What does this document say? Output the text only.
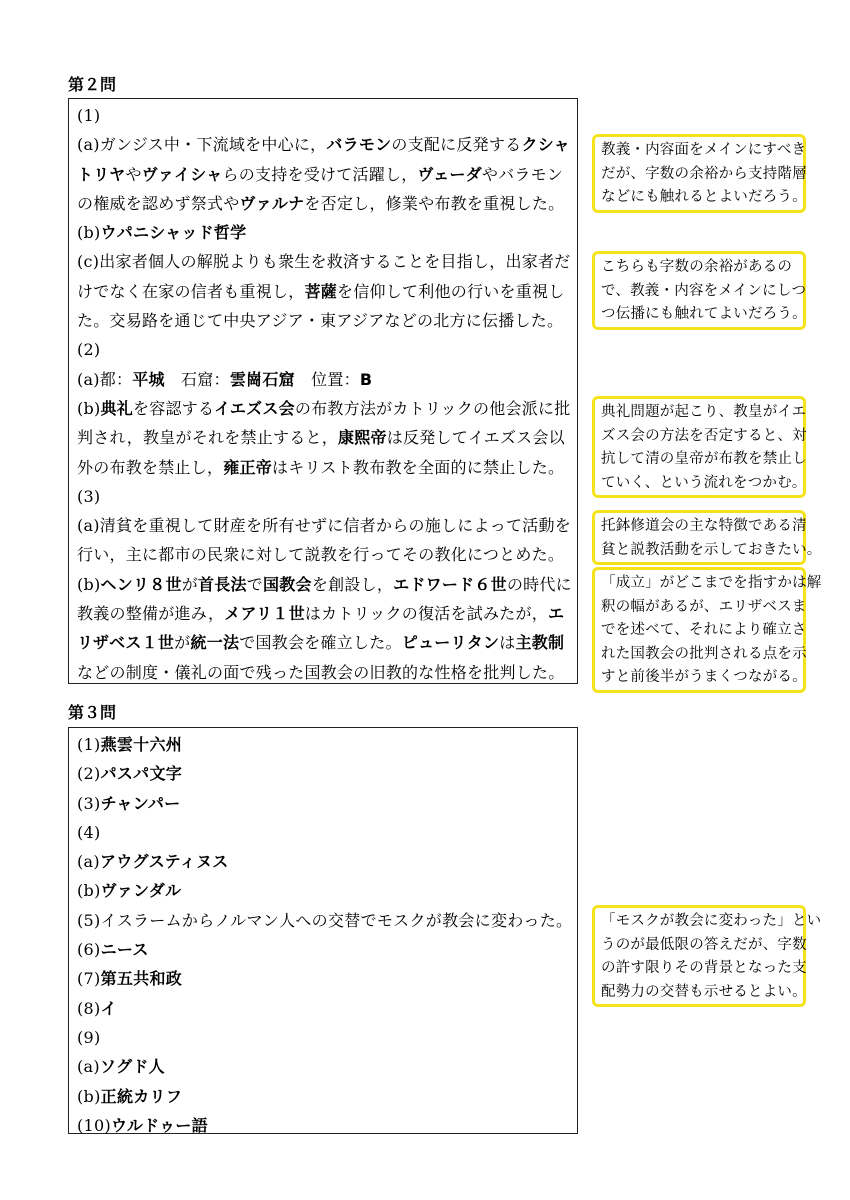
第２問
(1)
(a)ガンジス中・下流域を中心に，バラモンの支配に反発するクシャ
トリヤやヴァイシャらの支持を受けて活躍し，ヴェーダやバラモン
の権威を認めず祭式やヴァルナを否定し，修業や布教を重視した。
(b)ウパニシャッド哲学
(c)出家者個人の解脱よりも衆生を救済することを目指し，出家者だ
けでなく在家の信者も重視し，菩薩を信仰して利他の行いを重視し
た。交易路を通じて中央アジア・東アジアなどの北方に伝播した。
(2)
(a)都：平城　石窟：雲崗石窟　位置：B
(b)典礼を容認するイエズス会の布教方法がカトリックの他会派に批
判され，教皇がそれを禁止すると，康熙帝は反発してイエズス会以
外の布教を禁止し，雍正帝はキリスト教布教を全面的に禁止した。
(3)
(a)清貧を重視して財産を所有せずに信者からの施しによって活動を
行い，主に都市の民衆に対して説教を行ってその教化につとめた。
(b)ヘンリ８世が首長法で国教会を創設し，エドワード６世の時代に
教義の整備が進み，メアリ１世はカトリックの復活を試みたが，エ
リザベス１世が統一法で国教会を確立した。ピューリタンは主教制
などの制度・儀礼の面で残った国教会の旧教的な性格を批判した。
第３問
(1)燕雲十六州
(2)パスパ文字
(3)チャンパー
(4)
(a)アウグスティヌス
(b)ヴァンダル
(5)イスラームからノルマン人への交替でモスクが教会に変わった。
(6)ニース
(7)第五共和政
(8)イ
(9)
(a)ソグド人
(b)正統カリフ
(10)ウルドゥー語
教義・内容面をメインにすべき
だが、字数の余裕から支持階層
などにも触れるとよいだろう。
こちらも字数の余裕があるの
で、教義・内容をメインにしつ
つ伝播にも触れてよいだろう。
典礼問題が起こり、教皇がイエ
ズス会の方法を否定すると、対
抗して清の皇帝が布教を禁止し
ていく、という流れをつかむ。
托鉢修道会の主な特徴である清
貧と説教活動を示しておきたい。
「成立」がどこまでを指すかは解
釈の幅があるが、エリザベスま
でを述べて、それにより確立さ
れた国教会の批判される点を示
すと前後半がうまくつながる。
「モスクが教会に変わった」とい
うのが最低限の答えだが、字数
の許す限りその背景となった支
配勢力の交替も示せるとよい。
